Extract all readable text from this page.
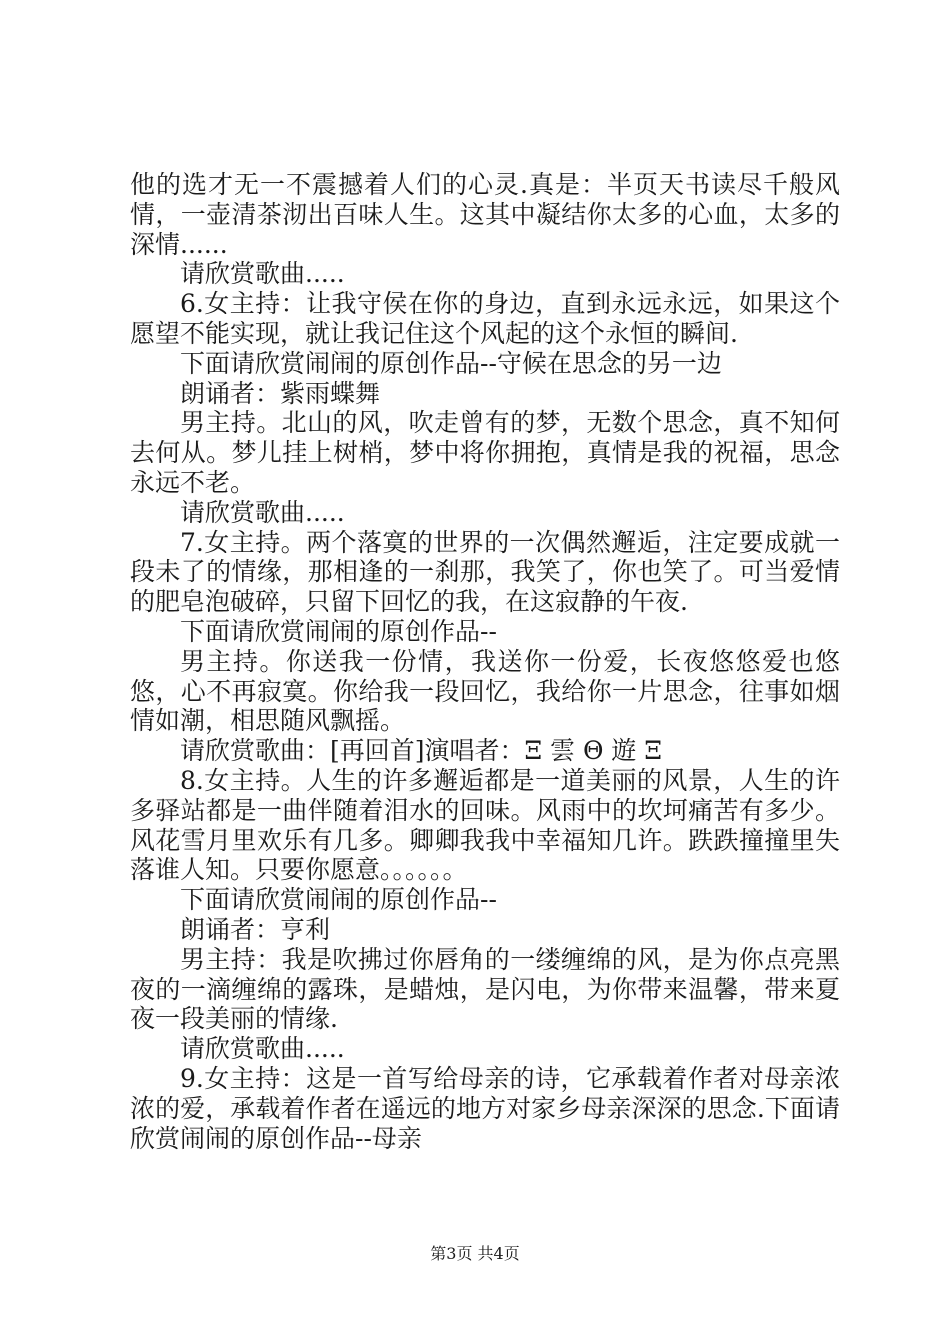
他的选才无一不震撼着人们的心灵.真是：半页天书读尽千般风情，一壶清茶沏出百味人生。这其中凝结你太多的心血，太多的深情......

请欣赏歌曲.....

6.女主持：让我守侯在你的身边，直到永远永远，如果这个愿望不能实现，就让我记住这个风起的这个永恒的瞬间.

下面请欣赏闹闹的原创作品--守候在思念的另一边

朗诵者：紫雨蝶舞

男主持。北山的风，吹走曾有的梦，无数个思念，真不知何去何从。梦儿挂上树梢，梦中将你拥抱，真情是我的祝福，思念永远不老。

请欣赏歌曲.....

7.女主持。两个落寞的世界的一次偶然邂逅，注定要成就一段未了的情缘，那相逢的一刹那，我笑了，你也笑了。可当爱情的肥皂泡破碎，只留下回忆的我，在这寂静的午夜.

下面请欣赏闹闹的原创作品--

男主持。你送我一份情，我送你一份爱，长夜悠悠爱也悠悠，心不再寂寞。你给我一段回忆，我给你一片思念，往事如烟情如潮，相思随风飘摇。

请欣赏歌曲：[再回首]演唱者：Ξ 雲 Θ 遊 Ξ

8.女主持。人生的许多邂逅都是一道美丽的风景，人生的许多驿站都是一曲伴随着泪水的回味。风雨中的坎坷痛苦有多少。风花雪月里欢乐有几多。卿卿我我中幸福知几许。跌跌撞撞里失落谁人知。只要你愿意。。。。。。

下面请欣赏闹闹的原创作品--

朗诵者：亨利

男主持：我是吹拂过你唇角的一缕缠绵的风，是为你点亮黑夜的一滴缠绵的露珠，是蜡烛，是闪电，为你带来温馨，带来夏夜一段美丽的情缘.

请欣赏歌曲.....

9.女主持：这是一首写给母亲的诗，它承载着作者对母亲浓浓的爱，承载着作者在遥远的地方对家乡母亲深深的思念.下面请欣赏闹闹的原创作品--母亲

第3页 共4页
